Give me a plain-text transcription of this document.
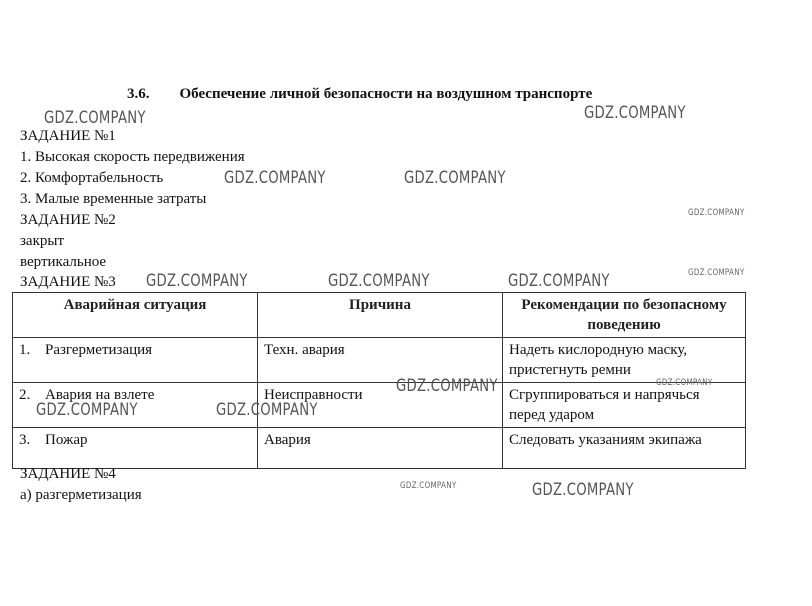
3.6.  Обеспечение личной безопасности на воздушном транспорте
ЗАДАНИЕ №1
1. Высокая скорость передвижения
2. Комфортабельность
3. Малые временные затраты
ЗАДАНИЕ №2
закрыт
вертикальное
ЗАДАНИЕ №3
Аварийная ситуация	Причина	Рекомендации по безопасному поведению
1. Разгерметизация	Техн. авария	Надеть кислородную маску, пристегнуть ремни
2. Авария на взлете	Неисправности	Сгруппироваться и напрячься перед ударом
3. Пожар	Авария	Следовать указаниям экипажа
ЗАДАНИЕ №4
а) разгерметизация
GDZ.COMPANY	GDZ.COMPANY
GDZ.COMPANY	GDZ.COMPANY
GDZ.COMPANY
GDZ.COMPANY
GDZ.COMPANY	GDZ.COMPANY	GDZ.COMPANY
GDZ.COMPANY	GDZ.COMPANY
GDZ.COMPANY	GDZ.COMPANY
GDZ.COMPANY	GDZ.COMPANY
